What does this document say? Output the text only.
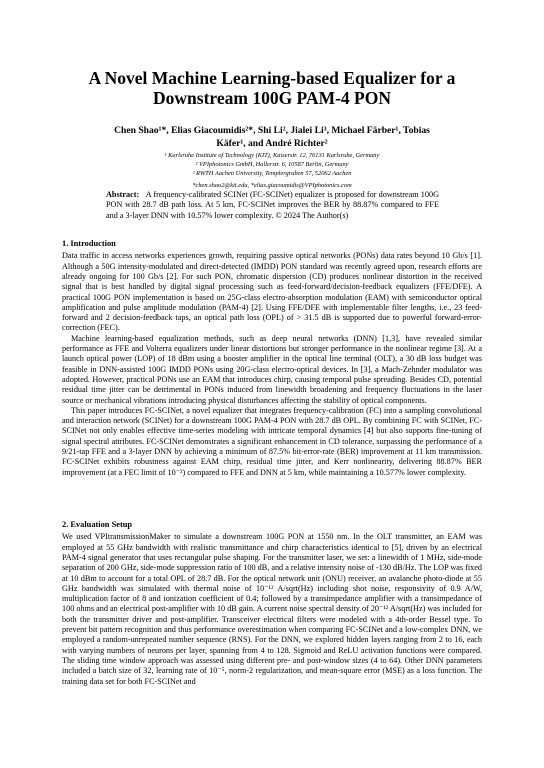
A Novel Machine Learning-based Equalizer for a
Downstream 100G PAM-4 PON
Chen Shao¹*, Elias Giacoumidis²*, Shi Li², Jialei Li³, Michael Färber¹, Tobias
Käfer¹, and André Richter²
¹ Karlsruhe Institute of Technology (KIT), Kaiserstr. 12, 76131 Karlsruhe, Germany
² VPIphotonics GmbH, Hallerstr. 6, 10587 Berlin, Germany
³ RWTH Aachen University, Templergraben 57, 52062 Aachen
*chen.shao2@kit.edu, *elias.giacoumidis@VPIphotonics.com
Abstract: A frequency-calibrated SCINet (FC-SCINet) equalizer is proposed for downstream 100G PON with 28.7 dB path loss. At 5 km, FC-SCINet improves the BER by 88.87% compared to FFE and a 3-layer DNN with 10.57% lower complexity. © 2024 The Author(s)
1. Introduction

Data traffic in access networks experiences growth, requiring passive optical networks (PONs) data rates beyond 10 Gb/s [1]. Although a 50G intensity-modulated and direct-detected (IMDD) PON standard was recently agreed upon, research efforts are already ongoing for 100 Gb/s [2]. For such PON, chromatic dispersion (CD) produces nonlinear distortion in the received signal that is best handled by digital signal processing such as feed-forward/decision-feedback equalizers (FFE/DFE). A practical 100G PON implementation is based on 25G-class electro-absorption modulation (EAM) with semiconductor optical amplification and pulse amplitude modulation (PAM-4) [2]. Using FFE/DFE with implementable filter lengths, i.e., 23 feed-forward and 2 decision-feedback taps, an optical path loss (OPL) of > 31.5 dB is supported due to powerful forward-error-correction (FEC).

Machine learning-based equalization methods, such as deep neural networks (DNN) [1,3], have revealed similar performance as FFE and Volterra equalizers under linear distortions but stronger performance in the nonlinear regime [3]. At a launch optical power (LOP) of 18 dBm using a booster amplifier in the optical line terminal (OLT), a 30 dB loss budget was feasible in DNN-assisted 100G IMDD PONs using 20G-class electro-optical devices. In [3], a Mach-Zehnder modulator was adopted. However, practical PONs use an EAM that introduces chirp, causing temporal pulse spreading. Besides CD, potential residual time jitter can be detrimental in PONs induced from linewidth broadening and frequency fluctuations in the laser source or mechanical vibrations introducing physical disturbances affecting the stability of optical components.

This paper introduces FC-SCINet, a novel equalizer that integrates frequency-calibration (FC) into a sampling convolutional and interaction network (SCINet) for a downstream 100G PAM-4 PON with 28.7 dB OPL. By combining FC with SCINet, FC-SCINet not only enables effective time-series modeling with intricate temporal dynamics [4] but also supports fine-tuning of signal spectral attributes. FC-SCINet demonstrates a significant enhancement in CD tolerance, surpassing the performance of a 9/21-tap FFE and a 3-layer DNN by achieving a minimum of 87.5% bit-error-rate (BER) improvement at 11 km transmission. FC-SCINet exhibits robustness against EAM chirp, residual time jitter, and Kerr nonlinearity, delivering 88.87% BER improvement (at a FEC limit of 10⁻²) compared to FFE and DNN at 5 km, while maintaining a 10.577% lower complexity.

2. Evaluation Setup

We used VPItransmissionMaker to simulate a downstream 100G PON at 1550 nm. In the OLT transmitter, an EAM was employed at 55 GHz bandwidth with realistic transmittance and chirp characteristics identical to [5], driven by an electrical PAM-4 signal generator that uses rectangular pulse shaping. For the transmitter laser, we set: a linewidth of 1 MHz, side-mode separation of 200 GHz, side-mode suppression ratio of 100 dB, and a relative intensity noise of -130 dB/Hz. The LOP was fixed at 10 dBm to account for a total OPL of 28.7 dB. For the optical network unit (ONU) receiver, an avalanche photo-diode at 55 GHz bandwidth was simulated with thermal noise of 10⁻¹² A/sqrt(Hz) including shot noise, responsivity of 0.9 A/W, multiplication factor of 8 and ionization coefficient of 0.4; followed by a transimpedance amplifier with a transimpedance of 100 ohms and an electrical post-amplifier with 10 dB gain. A current noise spectral density of 20⁻¹² A/sqrt(Hz) was included for both the transmitter driver and post-amplifier. Transceiver electrical filters were modeled with a 4th-order Bessel type. To prevent bit pattern recognition and thus performance overestimation when comparing FC-SCINet and a low-complex DNN, we employed a random-unrepeated number sequence (RNS). For the DNN, we explored hidden layers ranging from 2 to 16, each with varying numbers of neurons per layer, spanning from 4 to 128. Sigmoid and ReLU activation functions were compared. The sliding time window approach was assessed using different pre- and post-window sizes (4 to 64). Other DNN parameters included a batch size of 32, learning rate of 10⁻⁵, norm-2 regularization, and mean-square error (MSE) as a loss function. The training data set for both FC-SCINet and
